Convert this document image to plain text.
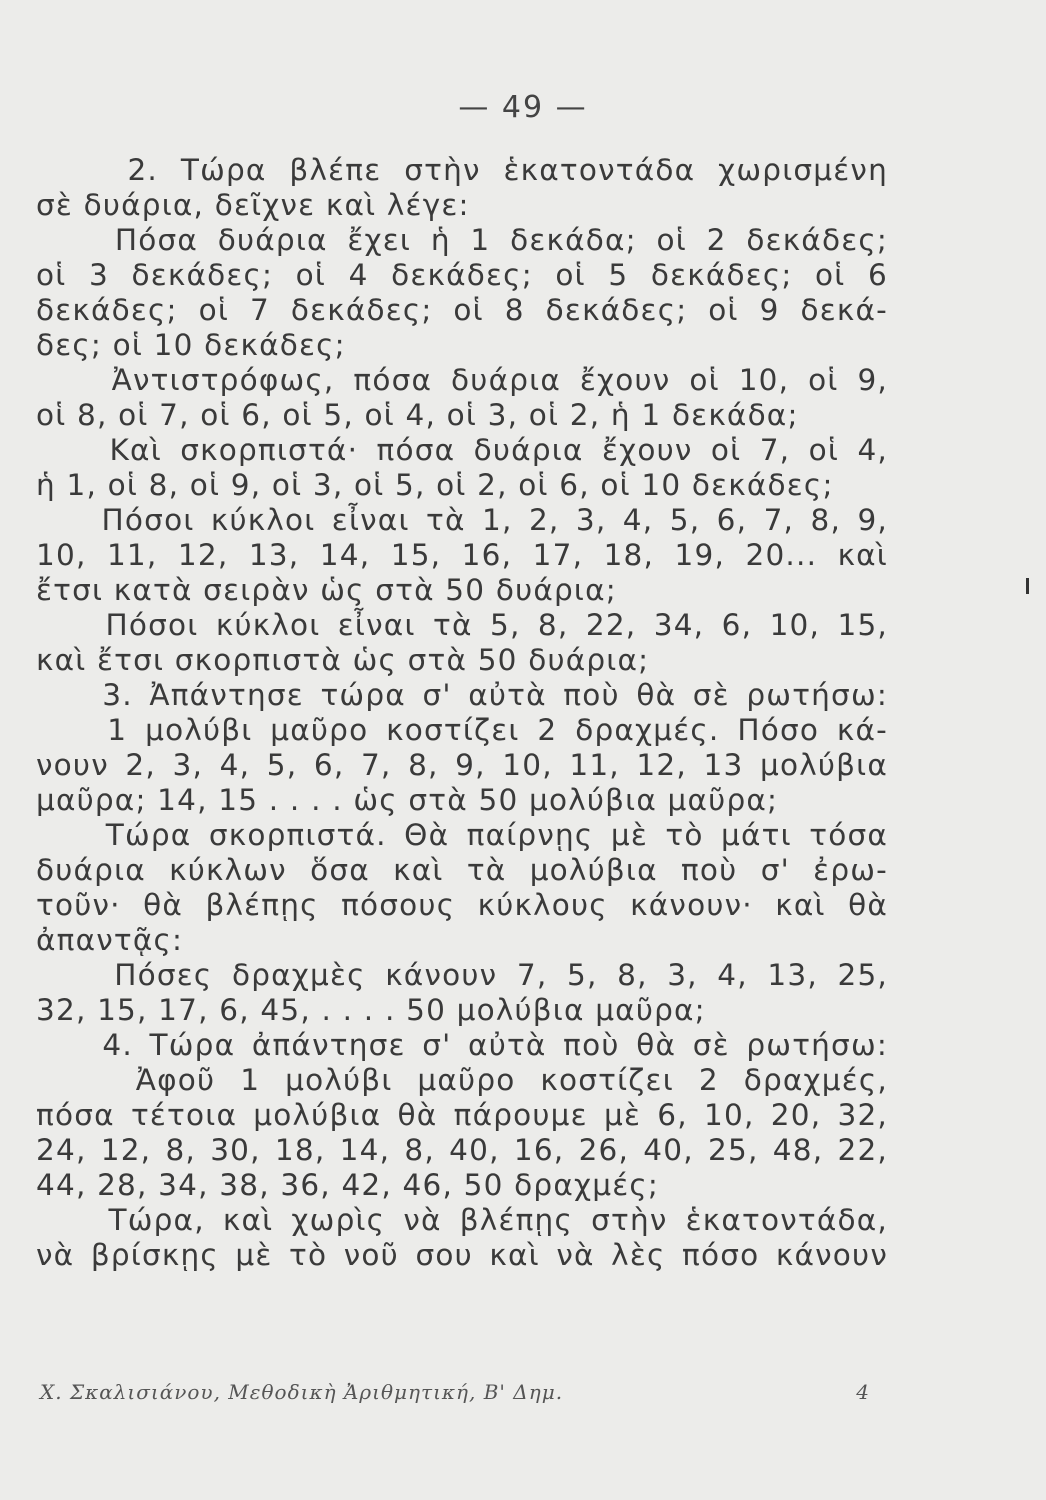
— 49 —
2. Τώρα βλέπε στὴν ἑκατοντάδα χωρισμένη
σὲ δυάρια, δεῖχνε καὶ λέγε:
Πόσα δυάρια ἔχει ἡ 1 δεκάδα; οἱ 2 δεκάδες;
οἱ 3 δεκάδες; οἱ 4 δεκάδες; οἱ 5 δεκάδες; οἱ 6
δεκάδες; οἱ 7 δεκάδες; οἱ 8 δεκάδες; οἱ 9 δεκά-
δες; οἱ 10 δεκάδες;
Ἀντιστρόφως, πόσα δυάρια ἔχουν οἱ 10, οἱ 9,
οἱ 8, οἱ 7, οἱ 6, οἱ 5, οἱ 4, οἱ 3, οἱ 2, ἡ 1 δεκάδα;
Καὶ σκορπιστά· πόσα δυάρια ἔχουν οἱ 7, οἱ 4,
ἡ 1, οἱ 8, οἱ 9, οἱ 3, οἱ 5, οἱ 2, οἱ 6, οἱ 10 δεκάδες;
Πόσοι κύκλοι εἶναι τὰ 1, 2, 3, 4, 5, 6, 7, 8, 9,
10, 11, 12, 13, 14, 15, 16, 17, 18, 19, 20... καὶ
ἔτσι κατὰ σειρὰν ὡς στὰ 50 δυάρια;
Πόσοι κύκλοι εἶναι τὰ 5, 8, 22, 34, 6, 10, 15,
καὶ ἔτσι σκορπιστὰ ὡς στὰ 50 δυάρια;
3. Ἀπάντησε τώρα σ' αὐτὰ ποὺ θὰ σὲ ρωτήσω:
1 μολύβι μαῦρο κοστίζει 2 δραχμές. Πόσο κά-
νουν 2, 3, 4, 5, 6, 7, 8, 9, 10, 11, 12, 13 μολύβια
μαῦρα; 14, 15 . . . . ὡς στὰ 50 μολύβια μαῦρα;
Τώρα σκορπιστά. Θὰ παίρνῃς μὲ τὸ μάτι τόσα
δυάρια κύκλων ὅσα καὶ τὰ μολύβια ποὺ σ' ἐρω-
τοῦν· θὰ βλέπῃς πόσους κύκλους κάνουν· καὶ θὰ
ἀπαντᾷς:
Πόσες δραχμὲς κάνουν 7, 5, 8, 3, 4, 13, 25,
32, 15, 17, 6, 45, . . . . 50 μολύβια μαῦρα;
4. Τώρα ἀπάντησε σ' αὐτὰ ποὺ θὰ σὲ ρωτήσω:
Ἀφοῦ 1 μολύβι μαῦρο κοστίζει 2 δραχμές,
πόσα τέτοια μολύβια θὰ πάρουμε μὲ 6, 10, 20, 32,
24, 12, 8, 30, 18, 14, 8, 40, 16, 26, 40, 25, 48, 22,
44, 28, 34, 38, 36, 42, 46, 50 δραχμές;
Τώρα, καὶ χωρὶς νὰ βλέπῃς στὴν ἑκατοντάδα,
νὰ βρίσκῃς μὲ τὸ νοῦ σου καὶ νὰ λὲς πόσο κάνουν
Χ. Σκαλισιάνου, Μεθοδικὴ Ἀριθμητική, Β' Δημ.	4
